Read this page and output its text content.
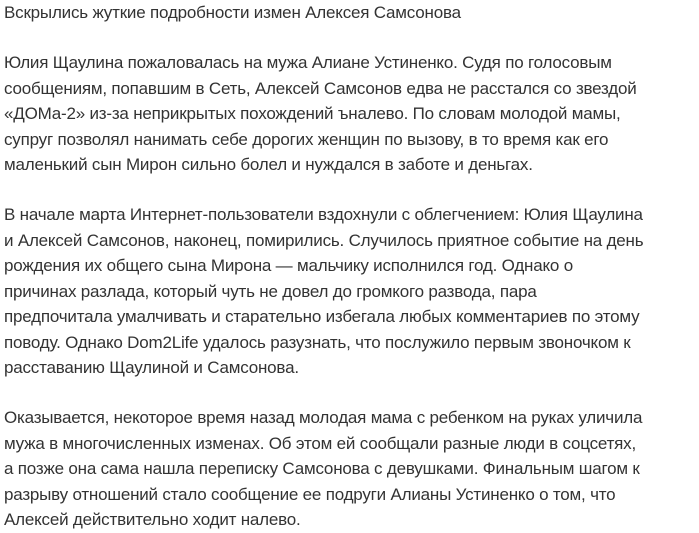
Вскрылись жуткие подробности измен Алексея Самсонова
Юлия Щаулина пожаловалась на мужа Алиане Устиненко. Судя по голосовым
сообщениям, попавшим в Сеть, Алексей Самсонов едва не расстался со звездой
«ДОМа-2» из-за неприкрытых похождений ъналево. По словам молодой мамы,
супруг позволял нанимать себе дорогих женщин по вызову, в то время как его
маленький сын Мирон сильно болел и нуждался в заботе и деньгах.
В начале марта Интернет-пользователи вздохнули с облегчением: Юлия Щаулина
и Алексей Самсонов, наконец, помирились. Случилось приятное событие на день
рождения их общего сына Мирона — мальчику исполнился год. Однако о
причинах разлада, который чуть не довел до громкого развода, пара
предпочитала умалчивать и старательно избегала любых комментариев по этому
поводу. Однако Dom2Life удалось разузнать, что послужило первым звоночком к
расставанию Щаулиной и Самсонова.
Оказывается, некоторое время назад молодая мама с ребенком на руках уличила
мужа в многочисленных изменах. Об этом ей сообщали разные люди в соцсетях,
а позже она сама нашла переписку Самсонова с девушками. Финальным шагом к
разрыву отношений стало сообщение ее подруги Алианы Устиненко о том, что
Алексей действительно ходит налево.
